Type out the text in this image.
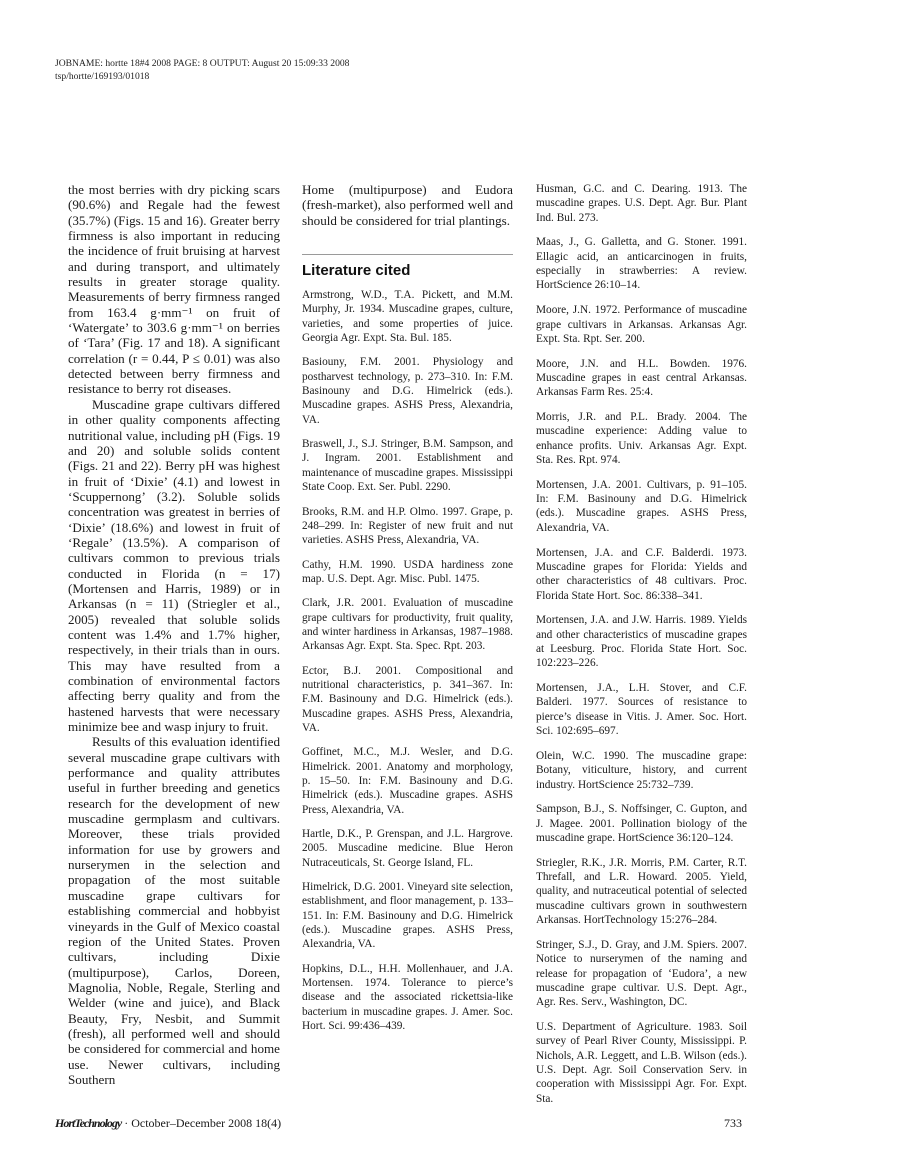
JOBNAME: hortte 18#4 2008 PAGE: 8 OUTPUT: August 20 15:09:33 2008
tsp/hortte/169193/01018

the most berries with dry picking scars (90.6%) and Regale had the fewest (35.7%) (Figs. 15 and 16). Greater berry firmness is also important in reducing the incidence of fruit bruising at harvest and during transport, and ultimately results in greater storage quality. Measurements of berry firmness ranged from 163.4 g·mm⁻¹ on fruit of ‘Watergate’ to 303.6 g·mm⁻¹ on berries of ‘Tara’ (Fig. 17 and 18). A significant correlation (r = 0.44, P ≤ 0.01) was also detected between berry firmness and resistance to berry rot diseases.

Muscadine grape cultivars differed in other quality components affecting nutritional value, including pH (Figs. 19 and 20) and soluble solids content (Figs. 21 and 22). Berry pH was highest in fruit of ‘Dixie’ (4.1) and lowest in ‘Scuppernong’ (3.2). Soluble solids concentration was greatest in berries of ‘Dixie’ (18.6%) and lowest in fruit of ‘Regale’ (13.5%). A comparison of cultivars common to previous trials conducted in Florida (n = 17) (Mortensen and Harris, 1989) or in Arkansas (n = 11) (Striegler et al., 2005) revealed that soluble solids content was 1.4% and 1.7% higher, respectively, in their trials than in ours. This may have resulted from a combination of environmental factors affecting berry quality and from the hastened harvests that were necessary minimize bee and wasp injury to fruit.

Results of this evaluation identified several muscadine grape cultivars with performance and quality attributes useful in further breeding and genetics research for the development of new muscadine germplasm and cultivars. Moreover, these trials provided information for use by growers and nurserymen in the selection and propagation of the most suitable muscadine grape cultivars for establishing commercial and hobbyist vineyards in the Gulf of Mexico coastal region of the United States. Proven cultivars, including Dixie (multipurpose), Carlos, Doreen, Magnolia, Noble, Regale, Sterling and Welder (wine and juice), and Black Beauty, Fry, Nesbit, and Summit (fresh), all performed well and should be considered for commercial and home use. Newer cultivars, including Southern

Home (multipurpose) and Eudora (fresh-market), also performed well and should be considered for trial plantings.

Literature cited

Armstrong, W.D., T.A. Pickett, and M.M. Murphy, Jr. 1934. Muscadine grapes, culture, varieties, and some properties of juice. Georgia Agr. Expt. Sta. Bul. 185.

Basiouny, F.M. 2001. Physiology and postharvest technology, p. 273–310. In: F.M. Basinouny and D.G. Himelrick (eds.). Muscadine grapes. ASHS Press, Alexandria, VA.

Braswell, J., S.J. Stringer, B.M. Sampson, and J. Ingram. 2001. Establishment and maintenance of muscadine grapes. Mississippi State Coop. Ext. Ser. Publ. 2290.

Brooks, R.M. and H.P. Olmo. 1997. Grape, p. 248–299. In: Register of new fruit and nut varieties. ASHS Press, Alexandria, VA.

Cathy, H.M. 1990. USDA hardiness zone map. U.S. Dept. Agr. Misc. Publ. 1475.

Clark, J.R. 2001. Evaluation of muscadine grape cultivars for productivity, fruit quality, and winter hardiness in Arkansas, 1987–1988. Arkansas Agr. Expt. Sta. Spec. Rpt. 203.

Ector, B.J. 2001. Compositional and nutritional characteristics, p. 341–367. In: F.M. Basinouny and D.G. Himelrick (eds.). Muscadine grapes. ASHS Press, Alexandria, VA.

Goffinet, M.C., M.J. Wesler, and D.G. Himelrick. 2001. Anatomy and morphology, p. 15–50. In: F.M. Basinouny and D.G. Himelrick (eds.). Muscadine grapes. ASHS Press, Alexandria, VA.

Hartle, D.K., P. Grenspan, and J.L. Hargrove. 2005. Muscadine medicine. Blue Heron Nutraceuticals, St. George Island, FL.

Himelrick, D.G. 2001. Vineyard site selection, establishment, and floor management, p. 133–151. In: F.M. Basinouny and D.G. Himelrick (eds.). Muscadine grapes. ASHS Press, Alexandria, VA.

Hopkins, D.L., H.H. Mollenhauer, and J.A. Mortensen. 1974. Tolerance to pierce’s disease and the associated rickettsia-like bacterium in muscadine grapes. J. Amer. Soc. Hort. Sci. 99:436–439.

Husman, G.C. and C. Dearing. 1913. The muscadine grapes. U.S. Dept. Agr. Bur. Plant Ind. Bul. 273.

Maas, J., G. Galletta, and G. Stoner. 1991. Ellagic acid, an anticarcinogen in fruits, especially in strawberries: A review. HortScience 26:10–14.

Moore, J.N. 1972. Performance of muscadine grape cultivars in Arkansas. Arkansas Agr. Expt. Sta. Rpt. Ser. 200.

Moore, J.N. and H.L. Bowden. 1976. Muscadine grapes in east central Arkansas. Arkansas Farm Res. 25:4.

Morris, J.R. and P.L. Brady. 2004. The muscadine experience: Adding value to enhance profits. Univ. Arkansas Agr. Expt. Sta. Res. Rpt. 974.

Mortensen, J.A. 2001. Cultivars, p. 91–105. In: F.M. Basinouny and D.G. Himelrick (eds.). Muscadine grapes. ASHS Press, Alexandria, VA.

Mortensen, J.A. and C.F. Balderdi. 1973. Muscadine grapes for Florida: Yields and other characteristics of 48 cultivars. Proc. Florida State Hort. Soc. 86:338–341.

Mortensen, J.A. and J.W. Harris. 1989. Yields and other characteristics of muscadine grapes at Leesburg. Proc. Florida State Hort. Soc. 102:223–226.

Mortensen, J.A., L.H. Stover, and C.F. Balderi. 1977. Sources of resistance to pierce’s disease in Vitis. J. Amer. Soc. Hort. Sci. 102:695–697.

Olein, W.C. 1990. The muscadine grape: Botany, viticulture, history, and current industry. HortScience 25:732–739.

Sampson, B.J., S. Noffsinger, C. Gupton, and J. Magee. 2001. Pollination biology of the muscadine grape. HortScience 36:120–124.

Striegler, R.K., J.R. Morris, P.M. Carter, R.T. Threfall, and L.R. Howard. 2005. Yield, quality, and nutraceutical potential of selected muscadine cultivars grown in southwestern Arkansas. HortTechnology 15:276–284.

Stringer, S.J., D. Gray, and J.M. Spiers. 2007. Notice to nurserymen of the naming and release for propagation of ‘Eudora’, a new muscadine grape cultivar. U.S. Dept. Agr., Agr. Res. Serv., Washington, DC.

U.S. Department of Agriculture. 1983. Soil survey of Pearl River County, Mississippi. P. Nichols, A.R. Leggett, and L.B. Wilson (eds.). U.S. Dept. Agr. Soil Conservation Serv. in cooperation with Mississippi Agr. For. Expt. Sta.

HortTechnology · October–December 2008 18(4)	733
